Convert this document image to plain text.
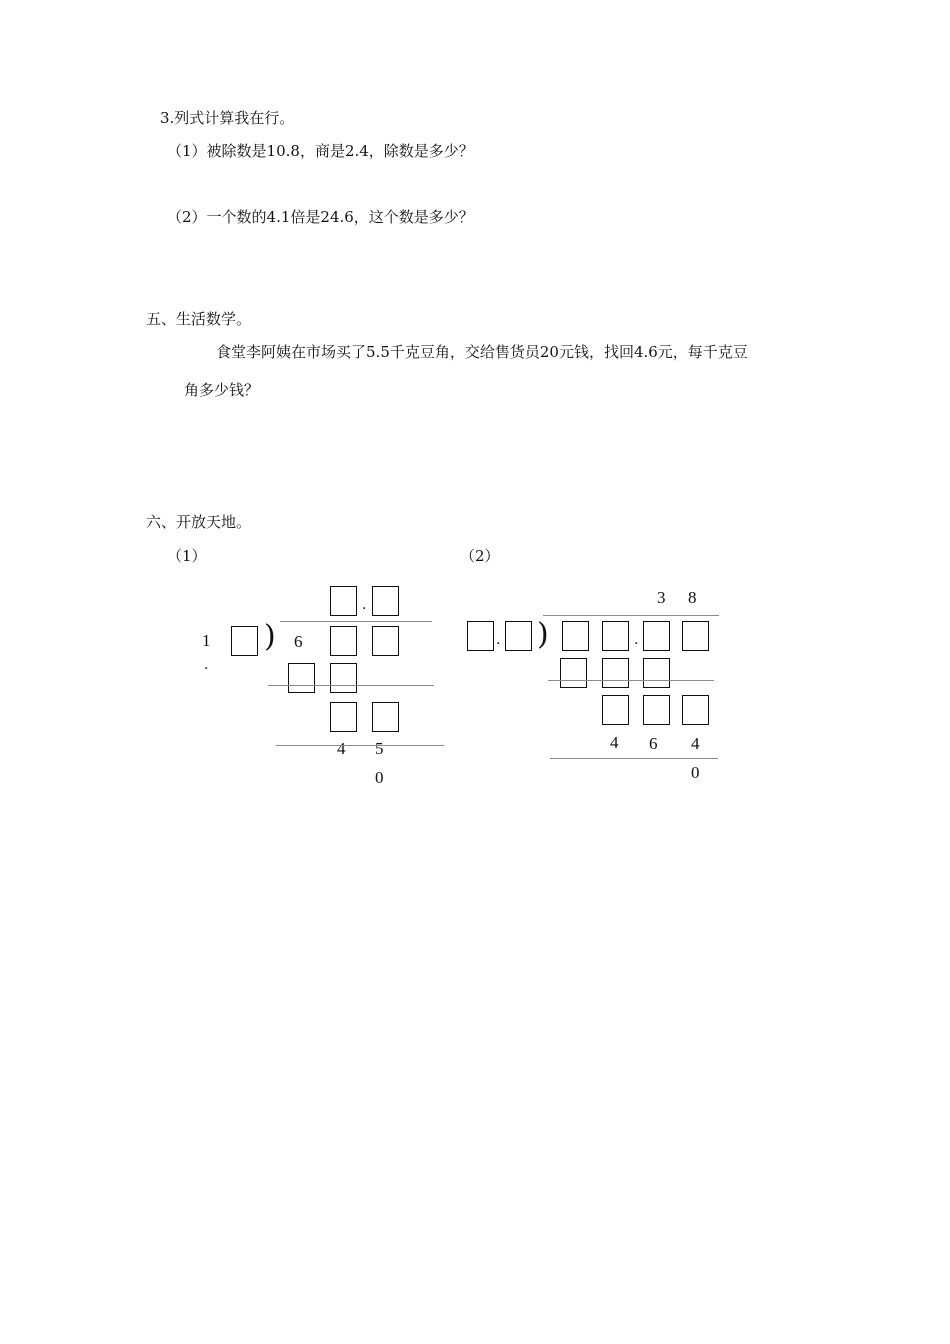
3.列式计算我在行。
（1）被除数是10.8，商是2.4，除数是多少？
（2）一个数的4.1倍是24.6，这个数是多少？
五、生活数学。
食堂李阿姨在市场买了5.5千克豆角，交给售货员20元钱，找回4.6元，每千克豆
角多少钱？
六、开放天地。
（1）	（2）
.
1
.
) 6
4 5
0
3 8
. )	.
4 6 4
0
